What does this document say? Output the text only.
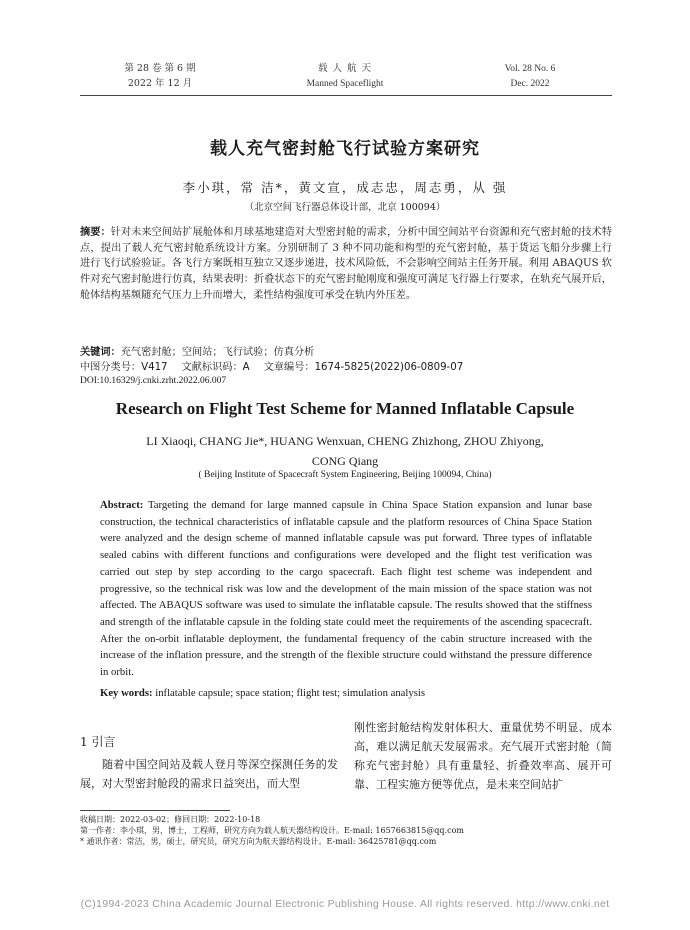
第 28 卷 第 6 期
2022 年 12 月
载 人 航 天
Manned Spaceflight
Vol. 28 No. 6
Dec. 2022
载人充气密封舱飞行试验方案研究
李小琪，常 洁*，黄文宣，成志忠，周志勇，从 强
（北京空间飞行器总体设计部，北京 100094）
摘要：针对未来空间站扩展舱体和月球基地建造对大型密封舱的需求，分析中国空间站平台资源和充气密封舱的技术特点，提出了载人充气密封舱系统设计方案。分别研制了 3 种不同功能和构型的充气密封舱，基于货运飞船分步骤上行进行飞行试验验证。各飞行方案既相互独立又逐步递进，技术风险低，不会影响空间站主任务开展。利用 ABAQUS 软件对充气密封舱进行仿真，结果表明：折叠状态下的充气密封舱刚度和强度可满足飞行器上行要求，在轨充气展开后，舱体结构基频随充气压力上升而增大，柔性结构强度可承受在轨内外压差。
关键词：充气密封舱；空间站；飞行试验；仿真分析
中图分类号：V417 文献标识码：A 文章编号：1674-5825(2022)06-0809-07
DOI:10.16329/j.cnki.zrht.2022.06.007
Research on Flight Test Scheme for Manned Inflatable Capsule
LI Xiaoqi, CHANG Jie*, HUANG Wenxuan, CHENG Zhizhong, ZHOU Zhiyong,
CONG Qiang
( Beijing Institute of Spacecraft System Engineering, Beijing 100094, China)
Abstract: Targeting the demand for large manned capsule in China Space Station expansion and lunar base construction, the technical characteristics of inflatable capsule and the platform resources of China Space Station were analyzed and the design scheme of manned inflatable capsule was put forward. Three types of inflatable sealed cabins with different functions and configurations were developed and the flight test verification was carried out step by step according to the cargo spacecraft. Each flight test scheme was independent and progressive, so the technical risk was low and the development of the main mission of the space station was not affected. The ABAQUS software was used to simulate the inflatable capsule. The results showed that the stiffness and strength of the inflatable capsule in the folding state could meet the requirements of the ascending spacecraft. After the on-orbit inflatable deployment, the fundamental frequency of the cabin structure increased with the increase of the inflation pressure, and the strength of the flexible structure could withstand the pressure difference in orbit.
Key words: inflatable capsule; space station; flight test; simulation analysis
1 引言
随着中国空间站及载人登月等深空探测任务的发展，对大型密封舱段的需求日益突出，而大型
刚性密封舱结构发射体积大、重量优势不明显、成本高，难以满足航天发展需求。充气展开式密封舱（简称充气密封舱）具有重量轻、折叠效率高、展开可靠、工程实施方便等优点，是未来空间站扩
收稿日期：2022-03-02；修回日期：2022-10-18
第一作者：李小琪，男，博士，工程师，研究方向为载人航天器结构设计。E-mail: 1657663815@qq.com
* 通讯作者：常洁，男，硕士，研究员，研究方向为航天器结构设计。E-mail: 36425781@qq.com
(C)1994-2023 China Academic Journal Electronic Publishing House. All rights reserved. http://www.cnki.net
